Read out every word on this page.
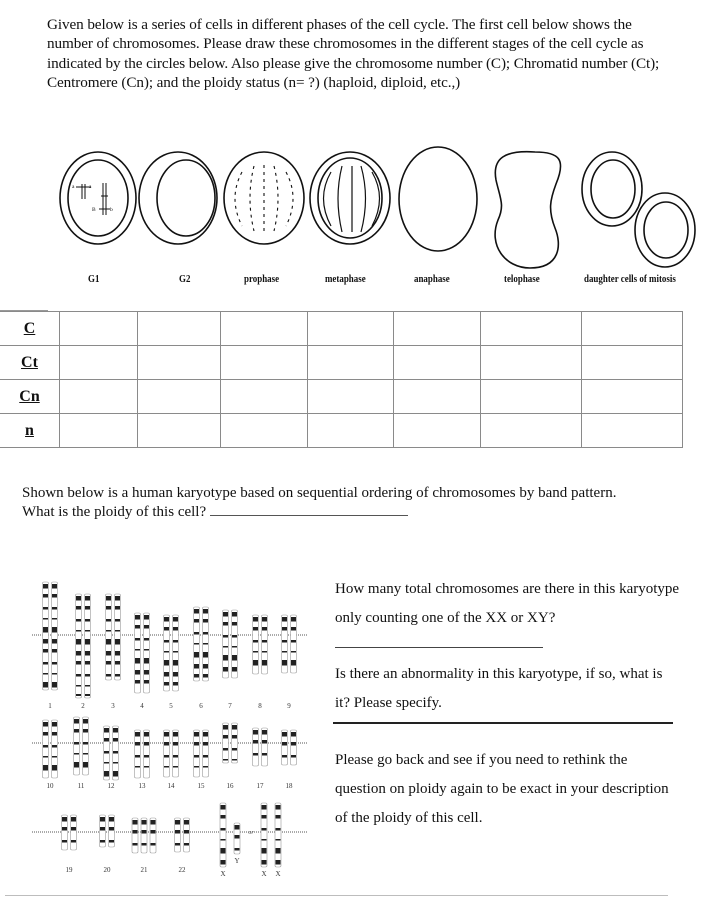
Given below is a series of cells in different phases of the cell cycle. The first cell below shows the number of chromosomes. Please draw these chromosomes in the different stages of the cell cycle as indicated by the circles below. Also please give the chromosome number (C); Chromatid number (Ct); Centromere (Cn); and the ploidy status (n= ?) (haploid, diploid, etc.,)
a	a
B	b
G1	G2	prophase	metaphase	anaphase	telophase	daughter cells of mitosis
C							
Ct							
Cn							
n							
Shown below is a human karyotype based on sequential ordering of chromosomes by band pattern.
What is the ploidy of this cell?
1	2	3	4	5	6	7	8	9
10	11	12	13	14	15	16	17	18
19	20	21	22	X
Y
or
X X
How many total chromosomes are there in this karyotype only counting one of the XX or XY?
Is there an abnormality in this karyotype, if so, what is it? Please specify.
Please go back and see if you need to rethink the question on ploidy again to be exact in your description of the ploidy of this cell.
